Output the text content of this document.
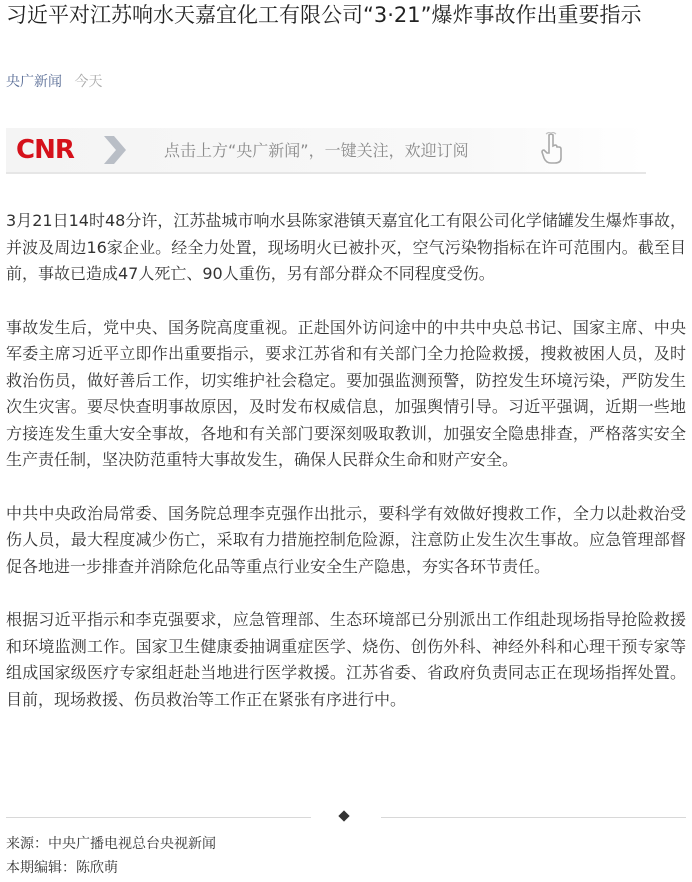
习近平对江苏响水天嘉宜化工有限公司“3·21”爆炸事故作出重要指示
央广新闻 今天
CNR	点击上方“央广新闻”，一键关注，欢迎订阅

3月21日14时48分许，江苏盐城市响水县陈家港镇天嘉宜化工有限公司化学储罐发生爆炸事故，并波及周边16家企业。经全力处置，现场明火已被扑灭，空气污染物指标在许可范围内。截至目前，事故已造成47人死亡、90人重伤，另有部分群众不同程度受伤。

事故发生后，党中央、国务院高度重视。正赴国外访问途中的中共中央总书记、国家主席、中央军委主席习近平立即作出重要指示，要求江苏省和有关部门全力抢险救援，搜救被困人员，及时救治伤员，做好善后工作，切实维护社会稳定。要加强监测预警，防控发生环境污染，严防发生次生灾害。要尽快查明事故原因，及时发布权威信息，加强舆情引导。习近平强调，近期一些地方接连发生重大安全事故，各地和有关部门要深刻吸取教训，加强安全隐患排查，严格落实安全生产责任制，坚决防范重特大事故发生，确保人民群众生命和财产安全。

中共中央政治局常委、国务院总理李克强作出批示，要科学有效做好搜救工作，全力以赴救治受伤人员，最大程度减少伤亡，采取有力措施控制危险源，注意防止发生次生事故。应急管理部督促各地进一步排查并消除危化品等重点行业安全生产隐患，夯实各环节责任。

根据习近平指示和李克强要求，应急管理部、生态环境部已分别派出工作组赴现场指导抢险救援和环境监测工作。国家卫生健康委抽调重症医学、烧伤、创伤外科、神经外科和心理干预专家等组成国家级医疗专家组赶赴当地进行医学救援。江苏省委、省政府负责同志正在现场指挥处置。目前，现场救援、伤员救治等工作正在紧张有序进行中。

来源：中央广播电视总台央视新闻
本期编辑：陈欣萌
